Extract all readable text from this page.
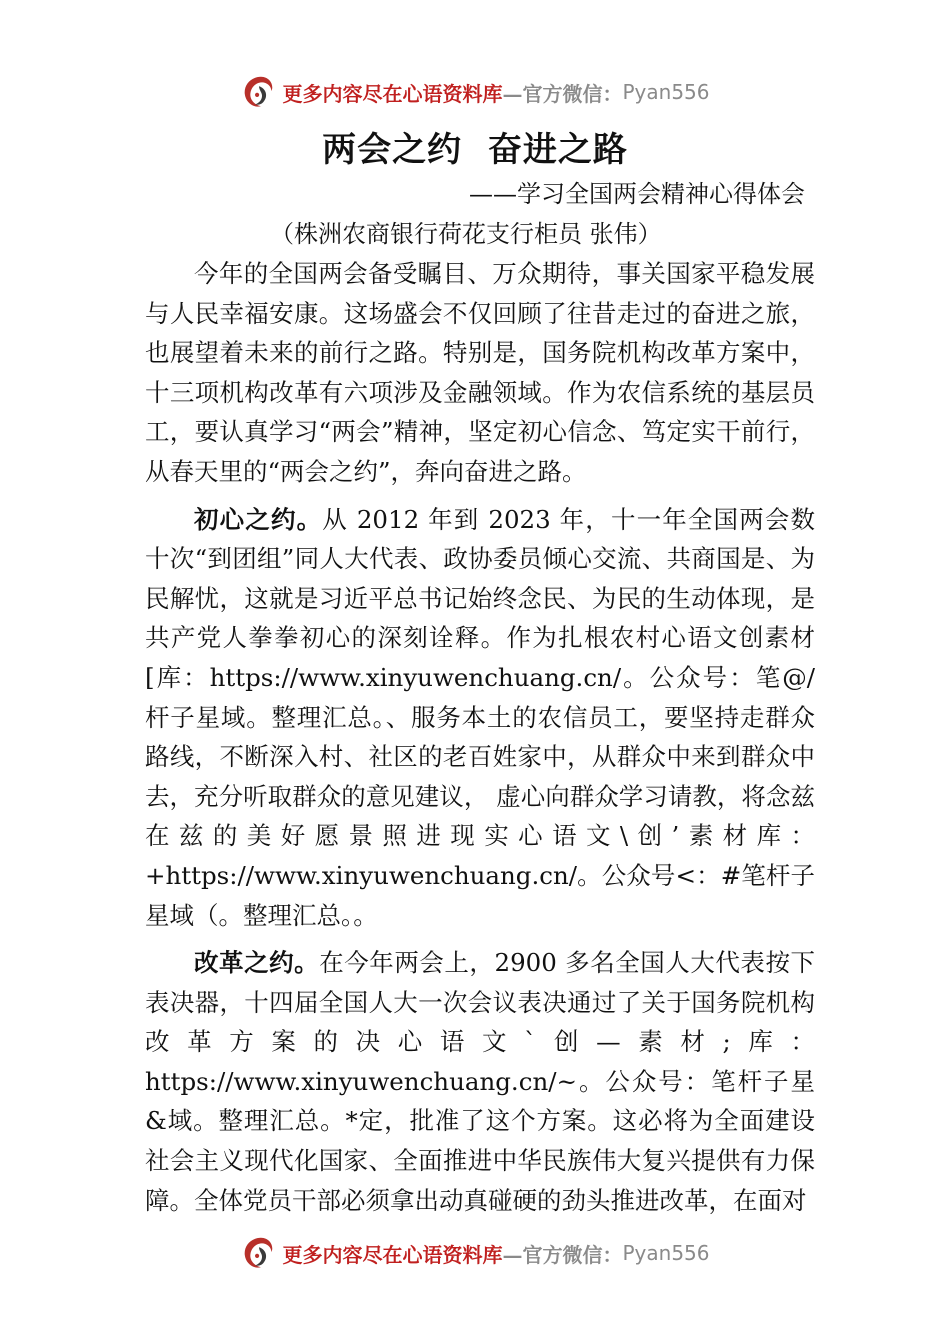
更多内容尽在心语资料库 —官方微信： Pyan556
两会之约  奋进之路
——学习全国两会精神心得体会
（株洲农商银行荷花支行柜员 张伟）

今年的全国两会备受瞩目、万众期待，事关国家平稳发展与人民幸福安康。这场盛会不仅回顾了往昔走过的奋进之旅，也展望着未来的前行之路。特别是，国务院机构改革方案中，十三项机构改革有六项涉及金融领域。作为农信系统的基层员工，要认真学习“两会”精神，坚定初心信念、笃定实干前行，从春天里的“两会之约”，奔向奋进之路。

初心之约。从 2012 年到 2023 年，十一年全国两会数十次“到团组”同人大代表、政协委员倾心交流、共商国是、为民解忧，这就是习近平总书记始终念民、为民的生动体现，是共产党人拳拳初心的深刻诠释。作为扎根农村心语文创素材[库：https://www.xinyuwenchuang.cn/。公众号：笔@/杆子星域。整理汇总。、服务本土的农信员工，要坚持走群众路线，不断深入村、社区的老百姓家中，从群众中来到群众中去，充分听取群众的意见建议， 虚心向群众学习请教，将念兹在兹的美好愿景照进现实心语文\创’素材库：+https://www.xinyuwenchuang.cn/。公众号<：#笔杆子星域（。整理汇总。。

改革之约。在今年两会上，2900 多名全国人大代表按下表决器，十四届全国人大一次会议表决通过了关于国务院机构改革方案的决心语文`创—素材;库：https://www.xinyuwenchuang.cn/~。公众号：笔杆子星&域。整理汇总。*定，批准了这个方案。这必将为全面建设社会主义现代化国家、全面推进中华民族伟大复兴提供有力保障。全体党员干部必须拿出动真碰硬的劲头推进改革，在面对

更多内容尽在心语资料库 —官方微信： Pyan556
